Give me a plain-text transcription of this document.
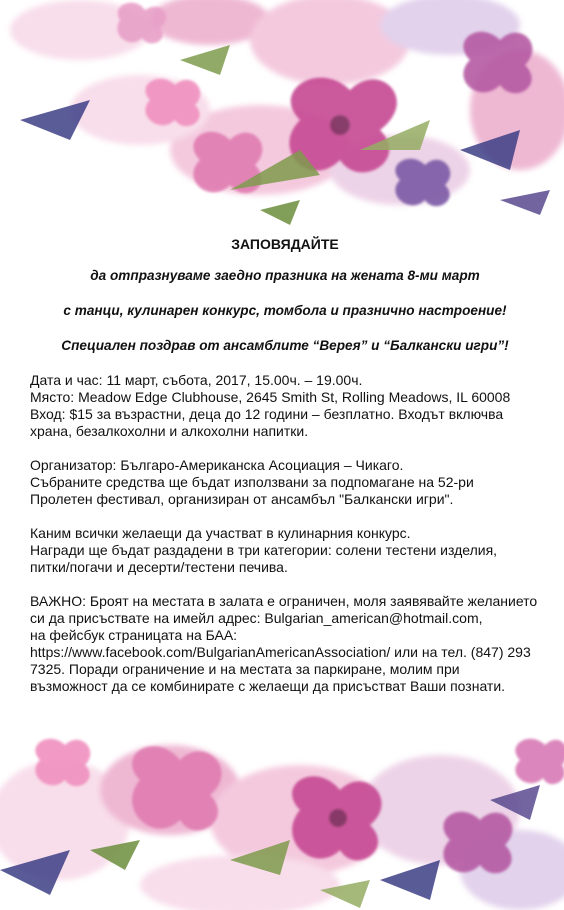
ЗАПОВЯДАЙТЕ
да отпразнуваме заедно празника на жената 8-ми март
с танци, кулинарен конкурс, томбола и празнично настроение!
Специален поздрав от ансамблите “Верея” и “Балкански игри”!
Дата и час: 11 март, събота, 2017, 15.00ч. – 19.00ч.
Място: Meadow Edge Clubhouse, 2645 Smith St, Rolling Meadows, IL 60008
Вход: $15 за възрастни, деца до 12 години – безплатно. Входът включва храна, безалкохолни и алкохолни напитки.
Организатор: Българо-Американска Асоциация – Чикаго.
Събраните средства ще бъдат използвани за подпомагане на 52-ри Пролетен фестивал, организиран от ансамбъл "Балкански игри".
Каним всички желаещи да участват в кулинарния конкурс.
Награди ще бъдат раздадени в три категории: солени тестени изделия, питки/погачи и десерти/тестени печива.
ВАЖНО: Броят на местата в залата е ограничен, моля заявявайте желанието си да присъствате на имейл адрес: Bulgarian_american@hotmail.com,
на фейсбук страницата на БАА:
https://www.facebook.com/BulgarianAmericanAssociation/ или на тел. (847) 293 7325. Поради ограничение и на местата за паркиране, молим при възможност да се комбинирате с желаещи да присъстват Ваши познати.
